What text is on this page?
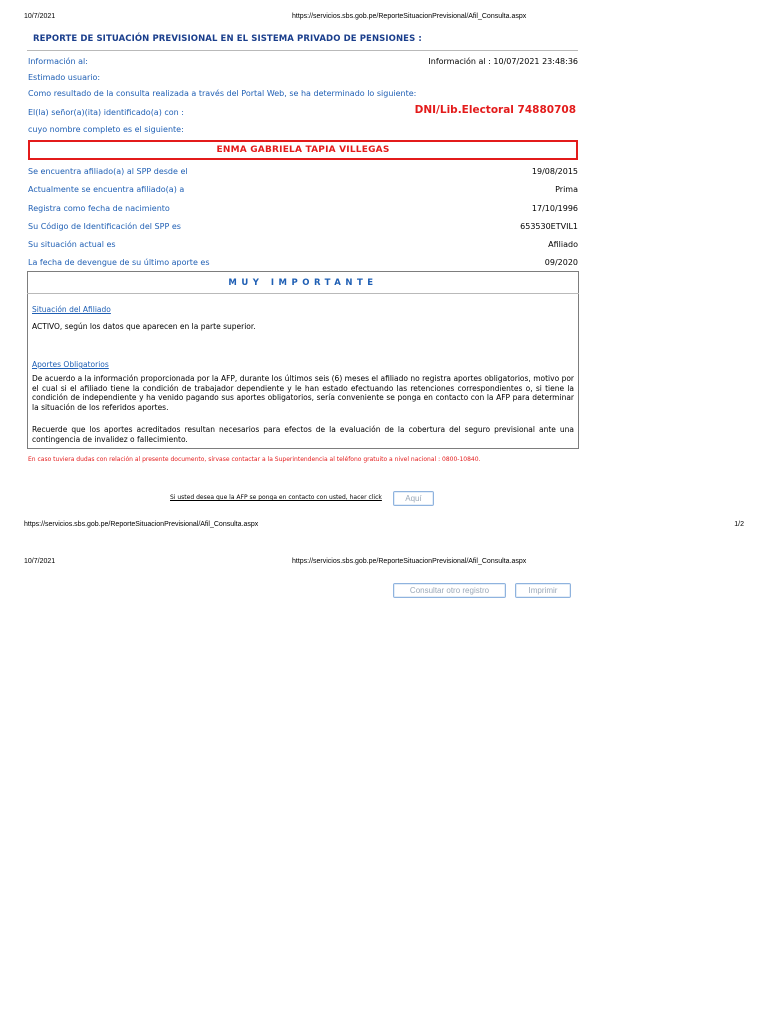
10/7/2021	https://servicios.sbs.gob.pe/ReporteSituacionPrevisional/Afil_Consulta.aspx
REPORTE DE SITUACIÓN PREVISIONAL EN EL SISTEMA PRIVADO DE PENSIONES :
Información al:	Información al : 10/07/2021 23:48:36
Estimado usuario:
Como resultado de la consulta realizada a través del Portal Web, se ha determinado lo siguiente:
El(la) señor(a)(ita) identificado(a) con :	DNI/Lib.Electoral 74880708
cuyo nombre completo es el siguiente:
ENMA GABRIELA TAPIA VILLEGAS
Se encuentra afiliado(a) al SPP desde el	19/08/2015
Actualmente se encuentra afiliado(a) a	Prima
Registra como fecha de nacimiento	17/10/1996
Su Código de Identificación del SPP es	653530ETVIL1
Su situación actual es	Afiliado
La fecha de devengue de su último aporte es	09/2020
MUY IMPORTANTE
Situación del Afiliado
ACTIVO, según los datos que aparecen en la parte superior.
Aportes Obligatorios
De acuerdo a la información proporcionada por la AFP, durante los últimos seis (6) meses el afiliado no registra aportes obligatorios, motivo por el cual si el afiliado tiene la condición de trabajador dependiente y le han estado efectuando las retenciones correspondientes o, si tiene la condición de independiente y ha venido pagando sus aportes obligatorios, sería conveniente se ponga en contacto con la AFP para determinar la situación de los referidos aportes.
Recuerde que los aportes acreditados resultan necesarios para efectos de la evaluación de la cobertura del seguro previsional ante una contingencia de invalidez o fallecimiento.
En caso tuviera dudas con relación al presente documento, sírvase contactar a la Superintendencia al teléfono gratuito a nivel nacional : 0800-10840.
Si usted desea que la AFP se ponga en contacto con usted, hacer click	Aquí
https://servicios.sbs.gob.pe/ReporteSituacionPrevisional/Afil_Consulta.aspx	1/2
10/7/2021	https://servicios.sbs.gob.pe/ReporteSituacionPrevisional/Afil_Consulta.aspx
Consultar otro registro	Imprimir
